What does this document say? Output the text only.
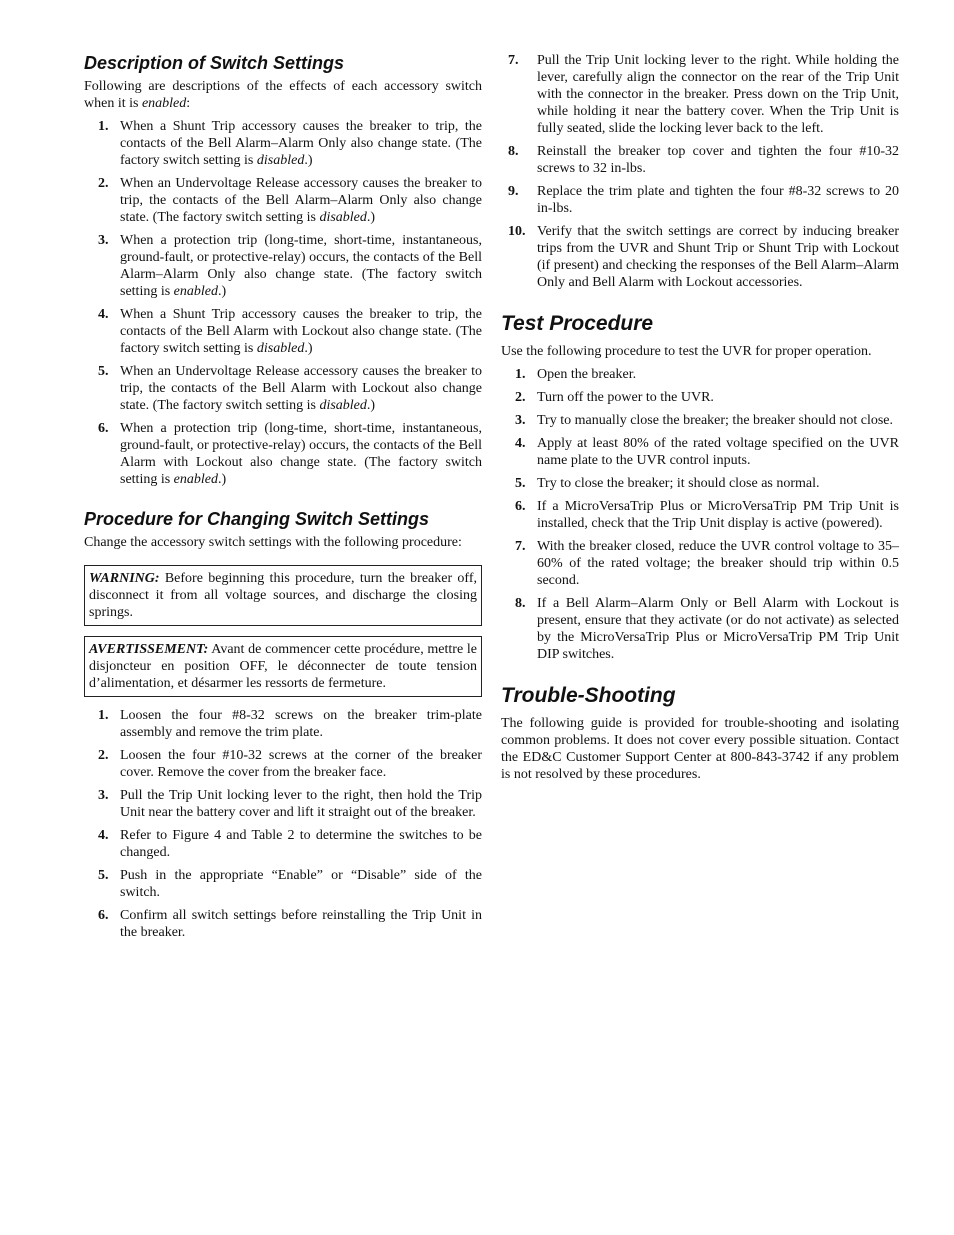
Description of Switch Settings

Following are descriptions of the effects of each accessory switch when it is enabled:

1. When a Shunt Trip accessory causes the breaker to trip, the contacts of the Bell Alarm–Alarm Only also change state. (The factory switch setting is disabled.)
2. When an Undervoltage Release accessory causes the breaker to trip, the contacts of the Bell Alarm–Alarm Only also change state. (The factory switch setting is disabled.)
3. When a protection trip (long-time, short-time, instantaneous, ground-fault, or protective-relay) occurs, the contacts of the Bell Alarm–Alarm Only also change state. (The factory switch setting is enabled.)
4. When a Shunt Trip accessory causes the breaker to trip, the contacts of the Bell Alarm with Lockout also change state. (The factory switch setting is disabled.)
5. When an Undervoltage Release accessory causes the breaker to trip, the contacts of the Bell Alarm with Lockout also change state. (The factory switch setting is disabled.)
6. When a protection trip (long-time, short-time, instantaneous, ground-fault, or protective-relay) occurs, the contacts of the Bell Alarm with Lockout also change state. (The factory switch setting is enabled.)
Procedure for Changing Switch Settings

Change the accessory switch settings with the following procedure:

WARNING: Before beginning this procedure, turn the breaker off, disconnect it from all voltage sources, and discharge the closing springs.
AVERTISSEMENT: Avant de commencer cette procédure, mettre le disjoncteur en position OFF, le déconnecter de toute tension d’alimentation, et désarmer les ressorts de fermeture.
1. Loosen the four #8-32 screws on the breaker trim-plate assembly and remove the trim plate.
2. Loosen the four #10-32 screws at the corner of the breaker cover. Remove the cover from the breaker face.
3. Pull the Trip Unit locking lever to the right, then hold the Trip Unit near the battery cover and lift it straight out of the breaker.
4. Refer to Figure 4 and Table 2 to determine the switches to be changed.
5. Push in the appropriate “Enable” or “Disable” side of the switch.
6. Confirm all switch settings before reinstalling the Trip Unit in the breaker.
7. Pull the Trip Unit locking lever to the right. While holding the lever, carefully align the connector on the rear of the Trip Unit with the connector in the breaker. Press down on the Trip Unit, while holding it near the battery cover. When the Trip Unit is fully seated, slide the locking lever back to the left.
8. Reinstall the breaker top cover and tighten the four #10-32 screws to 32 in-lbs.
9. Replace the trim plate and tighten the four #8-32 screws to 20 in-lbs.
10. Verify that the switch settings are correct by inducing breaker trips from the UVR and Shunt Trip or Shunt Trip with Lockout (if present) and checking the responses of the Bell Alarm–Alarm Only and Bell Alarm with Lockout accessories.
Test Procedure

Use the following procedure to test the UVR for proper operation.

1. Open the breaker.
2. Turn off the power to the UVR.
3. Try to manually close the breaker; the breaker should not close.
4. Apply at least 80% of the rated voltage specified on the UVR name plate to the UVR control inputs.
5. Try to close the breaker; it should close as normal.
6. If a MicroVersaTrip Plus or MicroVersaTrip PM Trip Unit is installed, check that the Trip Unit display is active (powered).
7. With the breaker closed, reduce the UVR control voltage to 35–60% of the rated voltage; the breaker should trip within 0.5 second.
8. If a Bell Alarm–Alarm Only or Bell Alarm with Lockout is present, ensure that they activate (or do not activate) as selected by the MicroVersaTrip Plus or MicroVersaTrip PM Trip Unit DIP switches.
Trouble-Shooting

The following guide is provided for trouble-shooting and isolating common problems. It does not cover every possible situation. Contact the ED&C Customer Support Center at 800-843-3742 if any problem is not resolved by these procedures.
